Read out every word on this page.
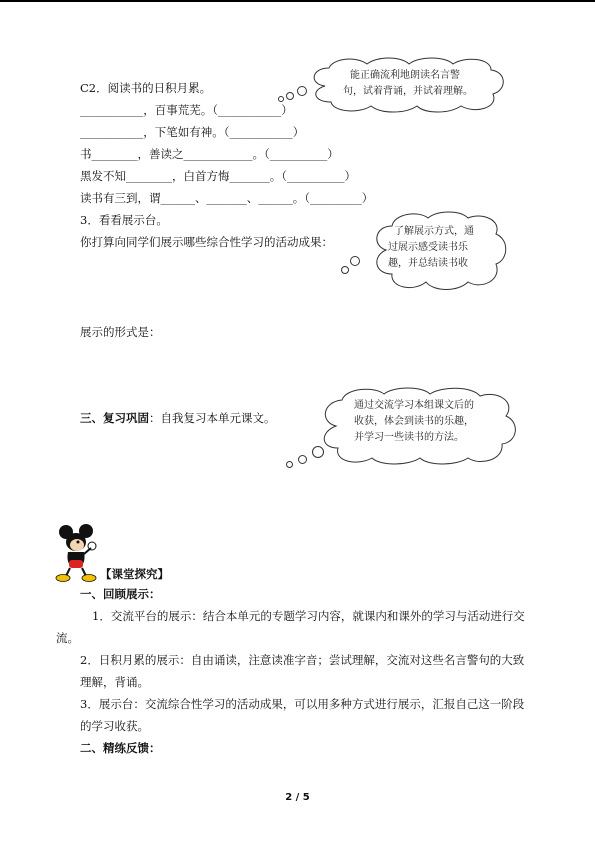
C2．阅读书的日积月累。
___________，百事荒芜。（___________）
___________，下笔如有神。（___________）
书________，善读之____________。（__________）
黑发不知________，白首方悔_______。（__________）
读书有三到，谓______、_______、______。（_________）
3．看看展示台。
你打算向同学们展示哪些综合性学习的活动成果：
展示的形式是：
三、复习巩固：自我复习本单元课文。
能正确流利地朗读名言警
句，试着背诵，并试着理解。
了解展示方式，通
过展示感受读书乐
趣，并总结读书收
通过交流学习本组课文后的
收获，体会到读书的乐趣，
并学习一些读书的方法。
【课堂探究】
一、回顾展示：
1．交流平台的展示：结合本单元的专题学习内容，就课内和课外的学习与活动进行交
流。
2．日积月累的展示：自由诵读，注意读准字音；尝试理解，交流对这些名言警句的大致
理解，背诵。
3．展示台：交流综合性学习的活动成果，可以用多种方式进行展示，汇报自己这一阶段
的学习收获。
二、精练反馈：
2 / 5
